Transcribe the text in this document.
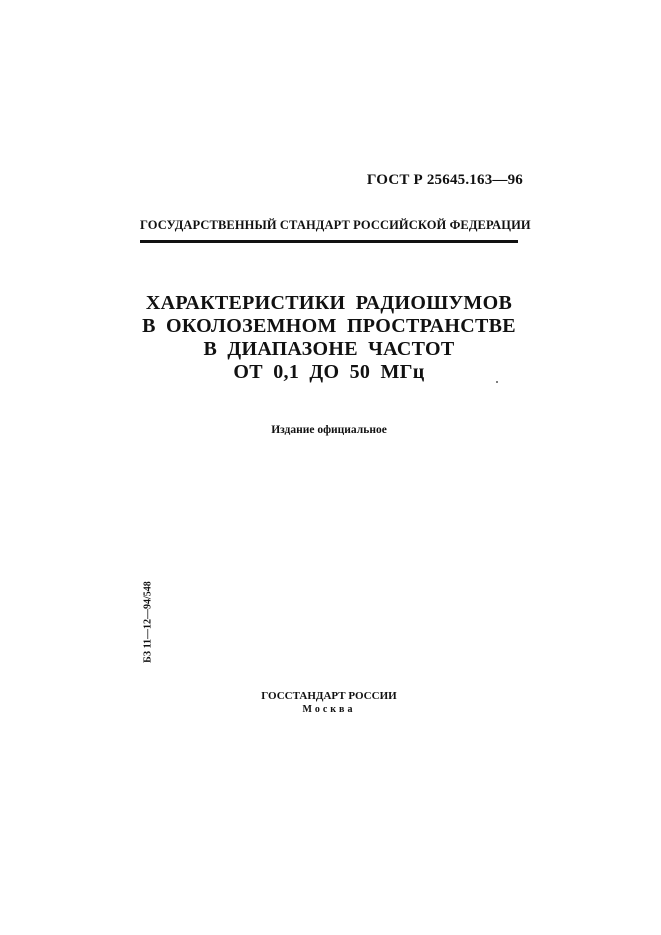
ГОСТ Р 25645.163—96
ГОСУДАРСТВЕННЫЙ СТАНДАРТ РОССИЙСКОЙ ФЕДЕРАЦИИ
ХАРАКТЕРИСТИКИ РАДИОШУМОВ
В ОКОЛОЗЕМНОМ ПРОСТРАНСТВЕ
В ДИАПАЗОНЕ ЧАСТОТ
ОТ 0,1 ДО 50 МГц
Издание официальное
БЗ 11—12—94/548
ГОССТАНДАРТ РОССИИ
Москва
